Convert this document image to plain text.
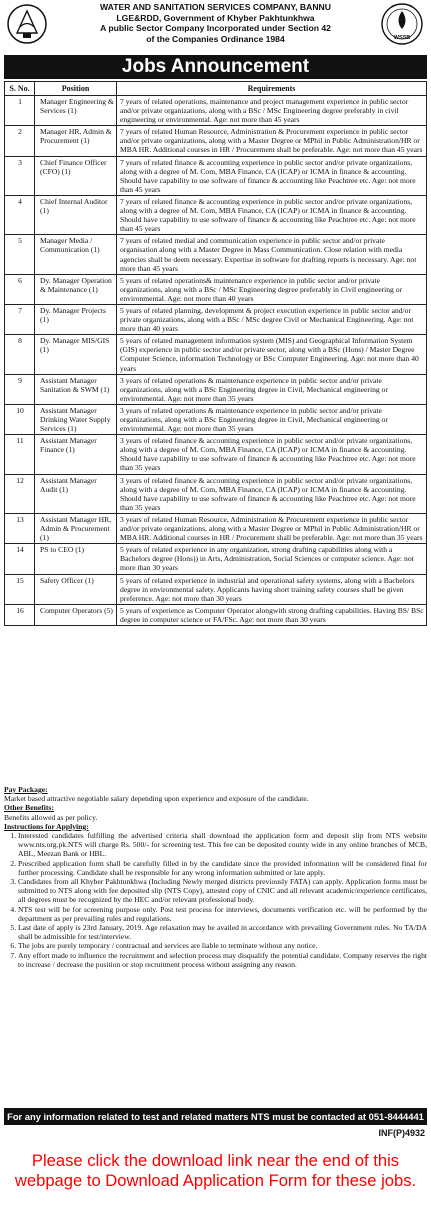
WATER AND SANITATION SERVICES COMPANY, BANNU
LGE&RDD, Government of Khyber Pakhtunkhwa
A public Sector Company Incorporated under Section 42
of the Companies Ordinance 1984	WSSB
Jobs Announcement
S. No.	Position	Requirements
1	Manager Engineering & Services (1)	7 years of related operations, maintenance and project management experience in public sector and/or private organizations, along with a BSc / MSc Engineering degree preferably in civil engineering or environmental. Age: not more than 45 years
2	Manager HR, Admin & Procurement (1)	7 years of related Human Resource, Administration & Procurement experience in public sector and/or private organizations, along with a Master Degree or MPhil in Public Administration/HR or MBA HR. Additional courses in HR / Procurement shall be preferable. Age: not more than 45 years
3	Chief Finance Officer (CFO) (1)	7 years of related finance & accounting experience in public sector and/or private organizations, along with a degree of M. Com, MBA Finance, CA (ICAP) or ICMA in finance & accounting. Should have capability to use software of finance & accounting like Peachtree etc. Age: not more than 45 years
4	Chief Internal Auditor (1)	7 years of related finance & accounting experience in public sector and/or private organizations, along with a degree of M. Com, MBA Finance, CA (ICAP) or ICMA in finance & accounting. Should have capability to use software of finance & accounting like Peachtree etc. Age: not more than 45 years
5	Manager Media / Communication (1)	7 years of related medial and communication experience in public sector and/or private organisation along with a Master Degree in Mass Communication. Close relation with media agencies shall be deem necessary. Expertise in software for drafting reports is necessary. Age: not more than 45 years
6	Dy. Manager Operation & Maintenance (1)	5 years of related operations& maintenance experience in public sector and/or private organizations, along with a BSc / MSc Engineering degree preferably in Civil engineering or environmental. Age: not more than 40 years
7	Dy. Manager Projects (1)	5 years of related planning, development & project execution experience in public sector and/or private organizations, along with a BSc / MSc degree Civil or Mechanical Engineering. Age: not more than 40 years
8	Dy. Manager MIS/GIS (1)	5 years of related management information system (MIS) and Geographical Information System (GIS) experience in public sector and/or private sector, along with a BSc (Hons) / Master Degree Computer Science, information Technology or BSc Computer Engineering. Age: not more than 40 years
9	Assistant Manager Sanitation & SWM (1)	3 years of related operations & maintenance experience in public sector and/or private organizations, along with a BSc Engineering degree in Civil, Mechanical engineering or environmental. Age: not more than 35 years
10	Assistant Manager Drinking Water Supply Services (1)	3 years of related operations & maintenance experience in public sector and/or private organizations, along with a BSc Engineering degree in Civil, Mechanical engineering or environmental. Age: not more than 35 years
11	Assistant Manager Finance (1)	3 years of related finance & accounting experience in public sector and/or private organizations, along with a degree of M. Com, MBA Finance, CA (ICAP) or ICMA in finance & accounting. Should have capability to use software of finance & accounting like Peachtree etc. Age: not more than 35 years
12	Assistant Manager Audit (1)	3 years of related finance & accounting experience in public sector and/or private organizations, along with a degree of M. Com, MBA Finance, CA (ICAP) or ICMA in finance & accounting. Should have capability to use software of finance & accounting like Peachtree etc. Age: not more than 35 years
13	Assistant Manager HR, Admin & Procurement (1)	3 years of related Human Resource, Administration & Procurement experience in public sector and/or private organizations, along with a Master Degree or MPhil in Public Administration/HR or MBA HR. Additional courses in HR / Procurement shall be preferable. Age: not more than 35 years
14	PS to CEO (1)	5 years of related experience in any organization, strong drafting capabilities along with a Bachelors degree (Hons)) in Arts, Administration, Social Sciences or computer science. Age: not more than 30 years
15	Safety Officer (1)	5 years of related experience in industrial and operational safety systems, along with a Bachelors degree in environmental safety. Applicants having short training safety courses shall be given preference. Age: not more than 30 years
16	Computer Operators (5)	5 years of experience as Computer Operator alongwith strong drafting capabilities. Having BS/ BSc degree in computer science or FA/FSc. Age: not more than 30 years
Pay Package:
Market based attractive negotiable salary depending upon experience and exposure of the candidate.
Other Benefits:
Benefits allowed as per policy.
Instructions for Applying:
1. Interested candidates fulfilling the advertised criteria shall download the application form and deposit slip from NTS website www.nts.org.pk.NTS will charge Rs. 500/- for screening test. This fee can be deposited county wide in any online branches of MCB, ABL, Meezan Bank or HBL.
2. Prescribed application form shall be carefully filled in by the candidate since the provided information will be considered final for further processing. Candidate shall be responsible for any wrong information submitted or late apply.
3. Candidates from all Khyber Pakhtunkhwa (Including Newly merged districts previously FATA) can apply. Application forms must be submitted to NTS along with fee deposited slip (NTS Copy), attested copy of CNIC and all relevant academic/experience certificates, all degrees must be recognized by the HEC and/or relevant professional body.
4. NTS test will be for screening purpose only. Post test process for interviews, documents verification etc. will be performed by the department as per prevailing rules and regulations.
5. Last date of apply is 23rd January, 2019. Age relaxation may be availed in accordance with prevailing Government rules. No TA/DA shall be admissible for test/interview.
6. The jobs are purely temporary / contractual and services are liable to terminate without any notice.
7. Any effort made to influence the recruitment and selection process may disqualify the potential candidate. Company reserves the right to increase / decrease the position or stop recruitment process without assigning any reason.
For any information related to test and related matters NTS must be contacted at 051-8444441
INF(P)4932
Please click the download link near the end of this webpage to Download Application Form for these jobs.
